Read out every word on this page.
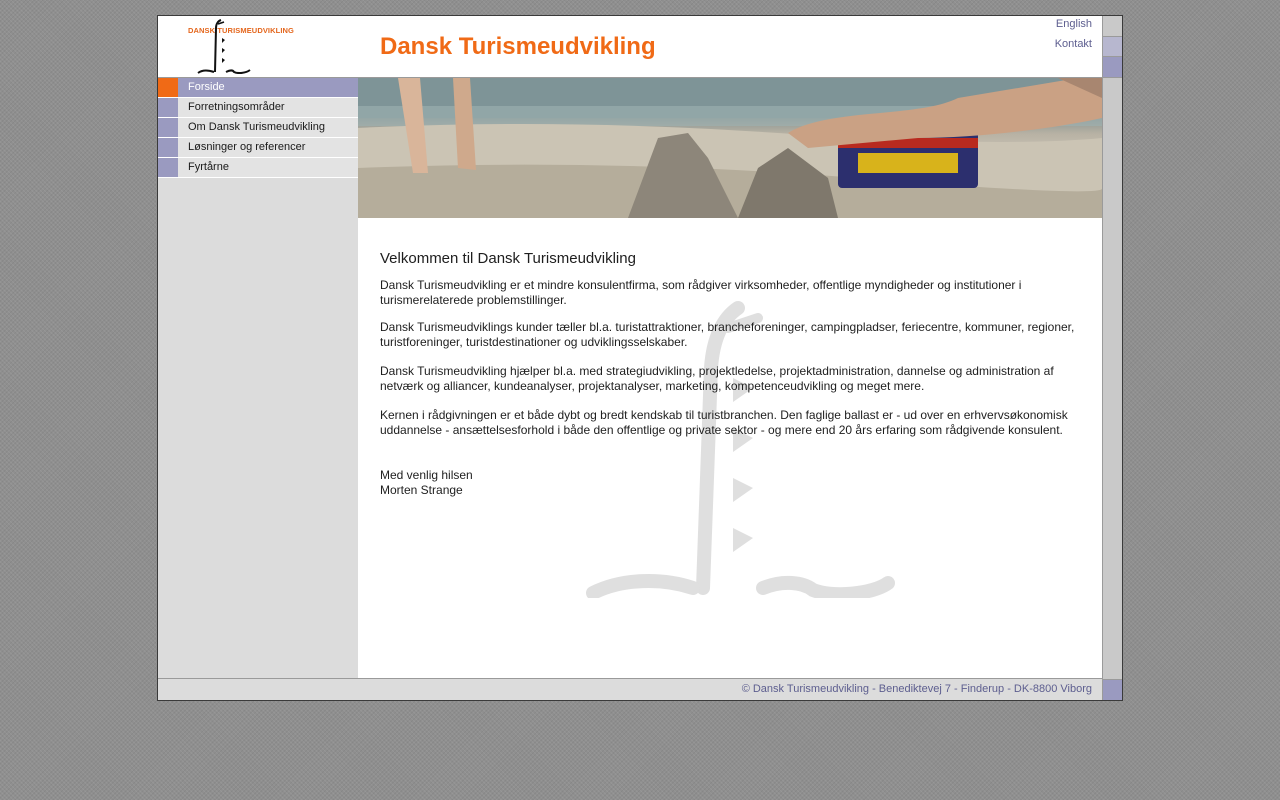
DANSK TURISMEUDVIKLING
Dansk Turismeudvikling
English
Kontakt
Forside
Forretningsområder
Om Dansk Turismeudvikling
Løsninger og referencer
Fyrtårne
Velkommen til Dansk Turismeudvikling

Dansk Turismeudvikling er et mindre konsulentfirma, som rådgiver virksomheder, offentlige myndigheder og institutioner i turismerelaterede problemstillinger.

Dansk Turismeudviklings kunder tæller bl.a. turistattraktioner, brancheforeninger, campingpladser, feriecentre, kommuner, regioner, turistforeninger, turistdestinationer og udviklingsselskaber.

Dansk Turismeudvikling hjælper bl.a. med strategiudvikling, projektledelse, projektadministration, dannelse og administration af netværk og alliancer, kundeanalyser, projektanalyser, marketing, kompetenceudvikling og meget mere.

Kernen i rådgivningen er et både dybt og bredt kendskab til turistbranchen. Den faglige ballast er - ud over en erhvervsøkonomisk uddannelse - ansættelsesforhold i både den offentlige og private sektor - og mere end 20 års erfaring som rådgivende konsulent.

Med venlig hilsen
Morten Strange

© Dansk Turismeudvikling - Benediktevej 7 - Finderup - DK-8800 Viborg
